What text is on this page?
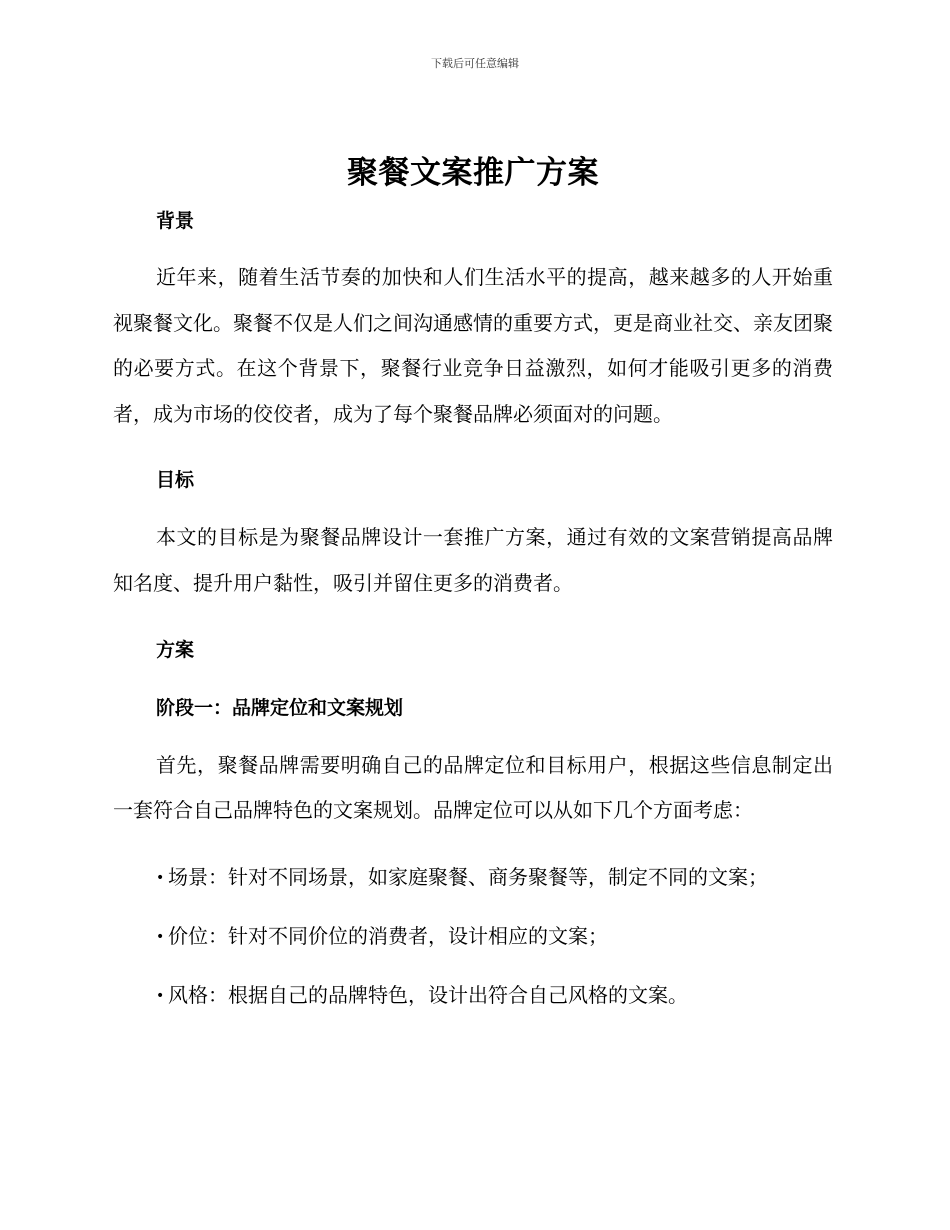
下载后可任意编辑
聚餐文案推广方案
背景

近年来，随着生活节奏的加快和人们生活水平的提高，越来越多的人开始重视聚餐文化。聚餐不仅是人们之间沟通感情的重要方式，更是商业社交、亲友团聚的必要方式。在这个背景下，聚餐行业竞争日益激烈，如何才能吸引更多的消费者，成为市场的佼佼者，成为了每个聚餐品牌必须面对的问题。

目标

本文的目标是为聚餐品牌设计一套推广方案，通过有效的文案营销提高品牌知名度、提升用户黏性，吸引并留住更多的消费者。

方案
阶段一：品牌定位和文案规划

首先，聚餐品牌需要明确自己的品牌定位和目标用户，根据这些信息制定出一套符合自己品牌特色的文案规划。品牌定位可以从如下几个方面考虑：

• 场景：针对不同场景，如家庭聚餐、商务聚餐等，制定不同的文案；

• 价位：针对不同价位的消费者，设计相应的文案；

• 风格：根据自己的品牌特色，设计出符合自己风格的文案。
